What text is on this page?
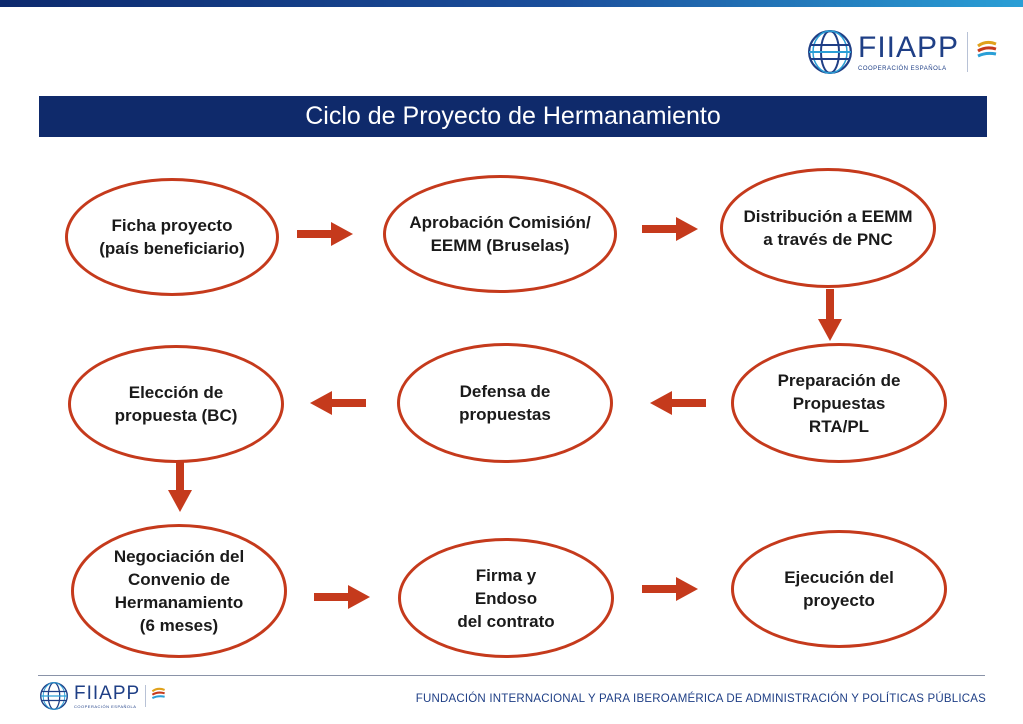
FIIAPP
COOPERACIÓN ESPAÑOLA
Ciclo de Proyecto de Hermanamiento
Ficha proyecto
(país beneficiario)
Aprobación Comisión/
EEMM (Bruselas)
Distribución a EEMM
a través de PNC
Elección de
propuesta (BC)
Defensa de
propuestas
Preparación de
Propuestas
RTA/PL
Negociación del
Convenio de
Hermanamiento
(6 meses)
Firma y
Endoso
del contrato
Ejecución del
proyecto
FIIAPP
COOPERACIÓN ESPAÑOLA
FUNDACIÓN INTERNACIONAL Y PARA IBEROAMÉRICA DE ADMINISTRACIÓN Y POLÍTICAS PÚBLICAS
